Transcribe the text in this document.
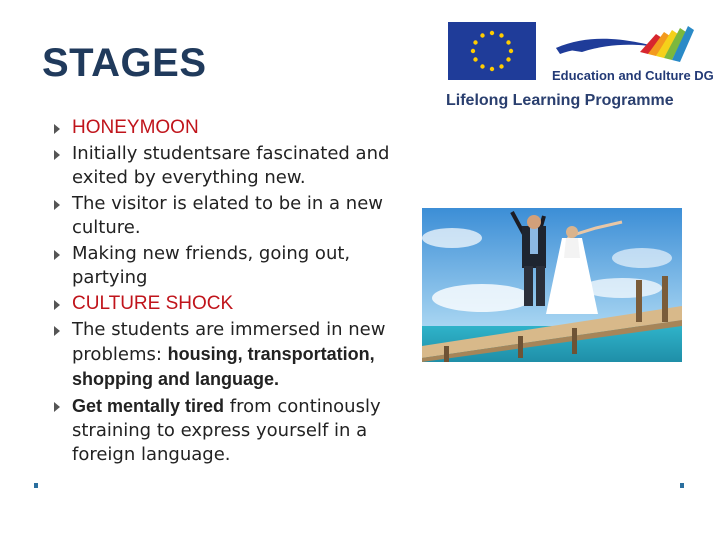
STAGES
HONEYMOON
Initially studentsare fascinated and exited by everything new.
The visitor is elated to be in a new culture.
Making new friends, going out, partying
CULTURE SHOCK
The students are immersed in new problems: housing, transportation, shopping and language.
Get mentally tired from continously straining to express yourself in a foreign language.
Education and Culture DG
Lifelong Learning Programme
